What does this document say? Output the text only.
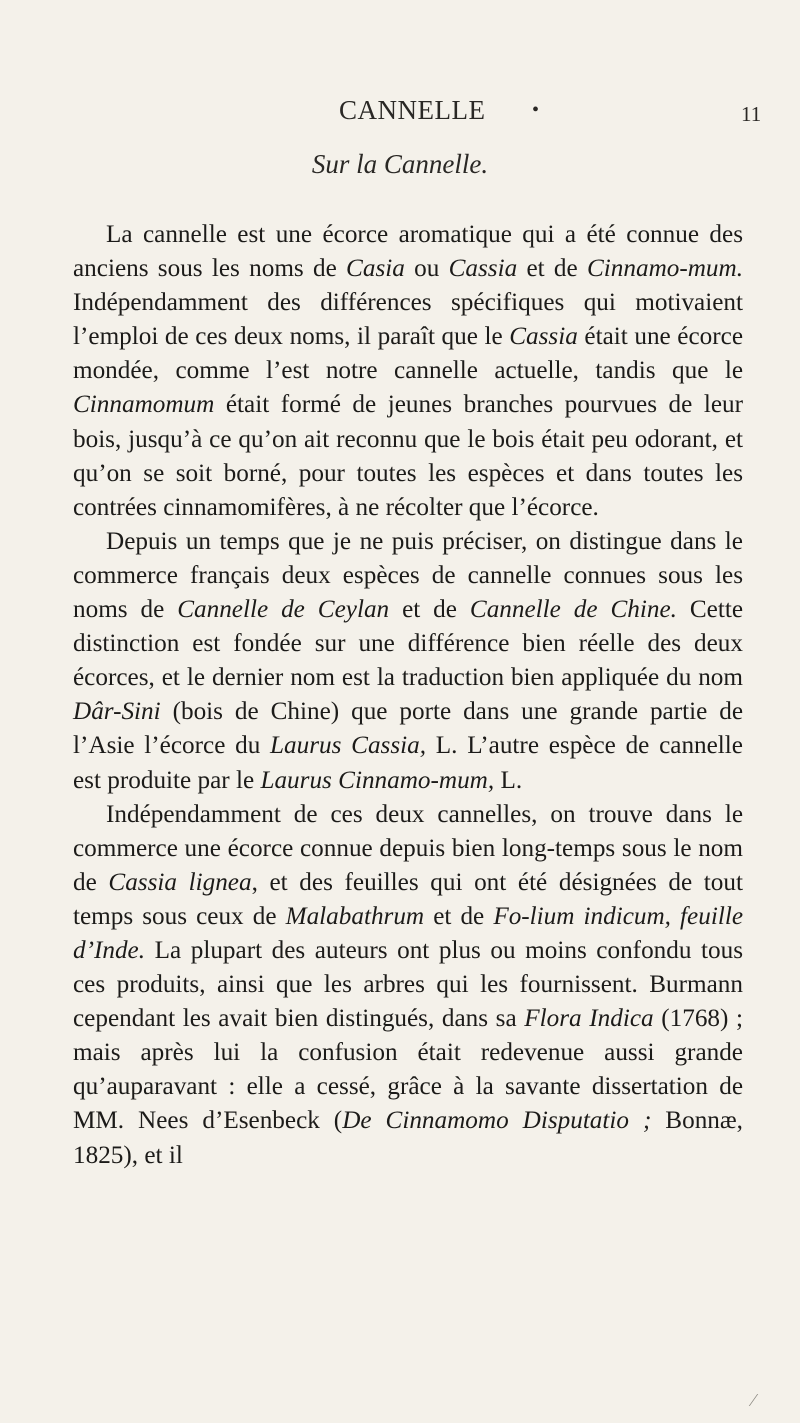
CANNELLE •	11
Sur la Cannelle.

La cannelle est une écorce aromatique qui a été connue des anciens sous les noms de Casia ou Cassia et de Cinnamo-mum. Indépendamment des différences spécifiques qui motivaient l’emploi de ces deux noms, il paraît que le Cassia était une écorce mondée, comme l’est notre cannelle actuelle, tandis que le Cinnamomum était formé de jeunes branches pourvues de leur bois, jusqu’à ce qu’on ait reconnu que le bois était peu odorant, et qu’on se soit borné, pour toutes les espèces et dans toutes les contrées cinnamomifères, à ne récolter que l’écorce.

Depuis un temps que je ne puis préciser, on distingue dans le commerce français deux espèces de cannelle connues sous les noms de Cannelle de Ceylan et de Cannelle de Chine. Cette distinction est fondée sur une différence bien réelle des deux écorces, et le dernier nom est la traduction bien appliquée du nom Dâr-Sini (bois de Chine) que porte dans une grande partie de l’Asie l’écorce du Laurus Cassia, L. L’autre espèce de cannelle est produite par le Laurus Cinnamo-mum, L.

Indépendamment de ces deux cannelles, on trouve dans le commerce une écorce connue depuis bien long-temps sous le nom de Cassia lignea, et des feuilles qui ont été désignées de tout temps sous ceux de Malabathrum et de Fo-lium indicum, feuille d’Inde. La plupart des auteurs ont plus ou moins confondu tous ces produits, ainsi que les arbres qui les fournissent. Burmann cependant les avait bien distingués, dans sa Flora Indica (1768) ; mais après lui la confusion était redevenue aussi grande qu’auparavant : elle a cessé, grâce à la savante dissertation de MM. Nees d’Esenbeck (De Cinnamomo Disputatio ; Bonnæ, 1825), et il

⁄
